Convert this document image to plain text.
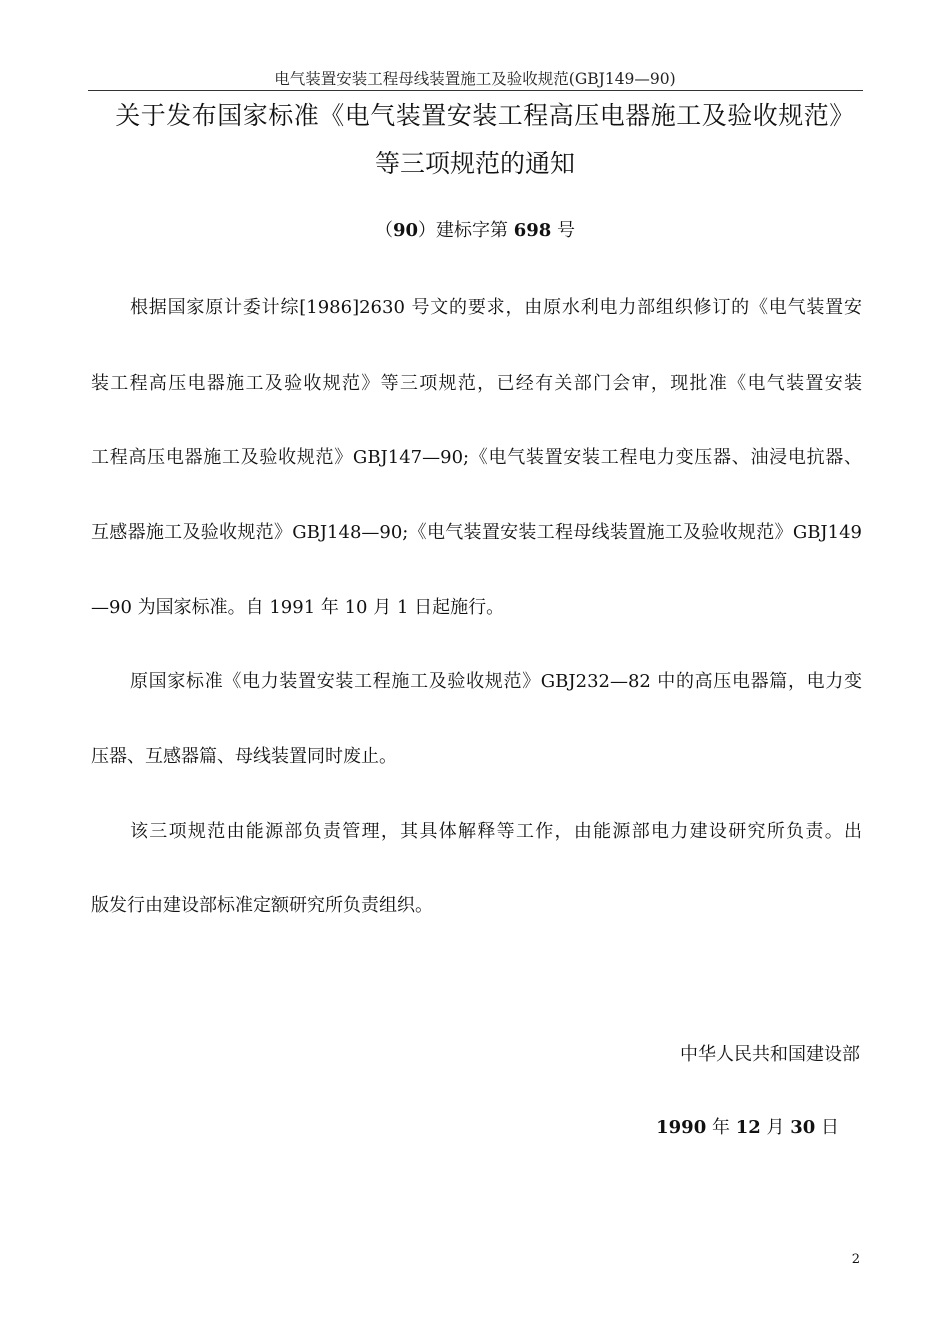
电气装置安装工程母线装置施工及验收规范(GBJ149—90)
关于发布国家标准《电气装置安装工程高压电器施工及验收规范》
等三项规范的通知
（90）建标字第 698 号
根据国家原计委计综[1986]2630 号文的要求，由原水利电力部组织修订的《电气装置安
装工程高压电器施工及验收规范》等三项规范，已经有关部门会审，现批准《电气装置安装
工程高压电器施工及验收规范》GBJ147—90;《电气装置安装工程电力变压器、油浸电抗器、
互感器施工及验收规范》GBJ148—90;《电气装置安装工程母线装置施工及验收规范》GBJ149
—90 为国家标准。自 1991 年 10 月 1 日起施行。
原国家标准《电力装置安装工程施工及验收规范》GBJ232—82 中的高压电器篇，电力变
压器、互感器篇、母线装置同时废止。
该三项规范由能源部负责管理，其具体解释等工作，由能源部电力建设研究所负责。出
版发行由建设部标准定额研究所负责组织。
中华人民共和国建设部
1990 年 12 月 30 日
2
